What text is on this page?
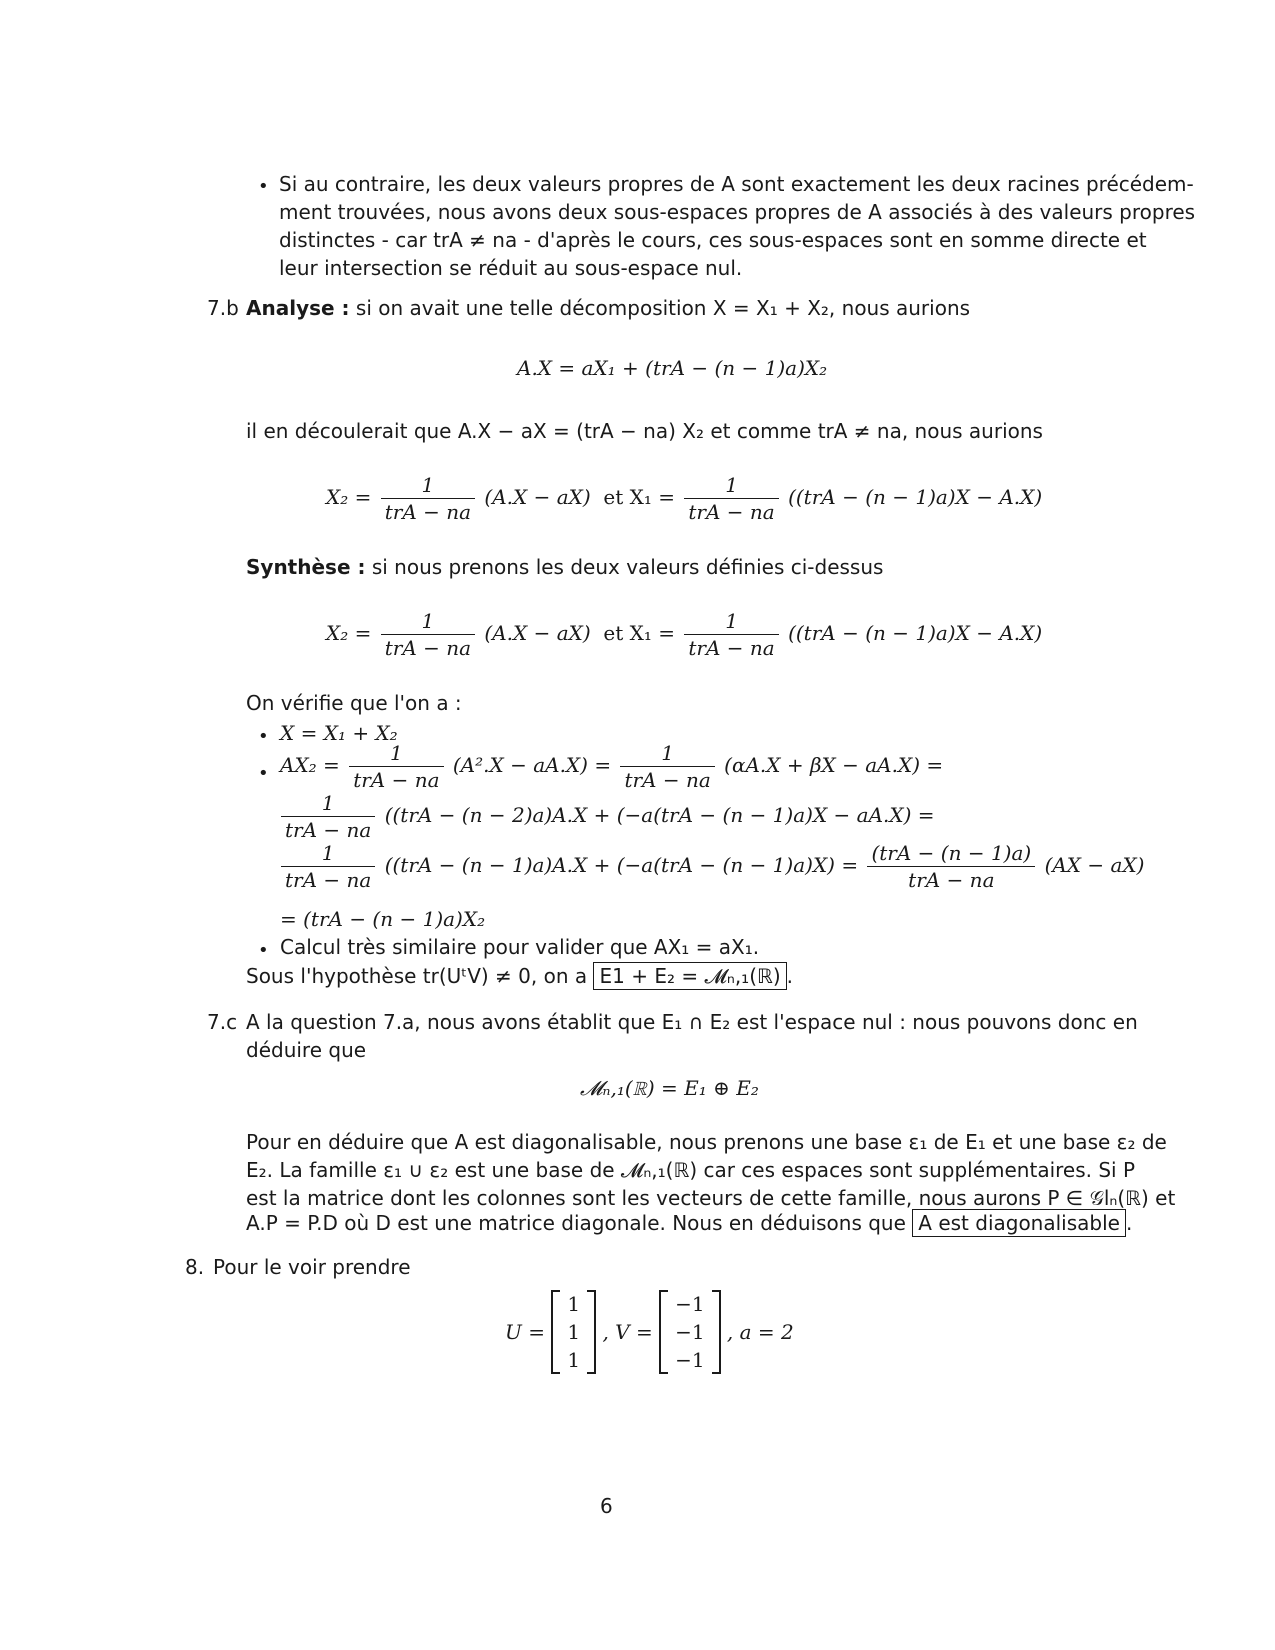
• Si au contraire, les deux valeurs propres de A sont exactement les deux racines précédem-
ment trouvées, nous avons deux sous-espaces propres de A associés à des valeurs propres
distinctes - car trA ≠ na - d'après le cours, ces sous-espaces sont en somme directe et
leur intersection se réduit au sous-espace nul.
7.b Analyse : si on avait une telle décomposition X = X₁ + X₂, nous aurions
A.X = aX₁ + (trA − (n − 1)a)X₂
il en découlerait que A.X − aX = (trA − na) X₂ et comme trA ≠ na, nous aurions
$X_2 = \frac{1}{\text{trA − na}} (A.X - aX)$ et $X_1 = \frac{1}{\text{trA − na}} ((trA - (n - 1)a)X - A.X)$
Synthèse : si nous prenons les deux valeurs définies ci-dessus
$X_2 = \frac{1}{\text{trA − na}} (A.X - aX)$ et $X_1 = \frac{1}{\text{trA − na}} ((trA - (n - 1)a)X - A.X)$
On vérifie que l'on a :
• X = X₁ + X₂
• $AX_2 = \frac{1}{\text{trA − na}} (A^2.X - aA.X) = \frac{1}{\text{trA − na}} (\alpha A.X + \beta X - aA.X)$ =
$\frac{1}{\text{trA − na}} ((trA - (n - 2)a)A.X + (-a(trA - (n - 1)a)X - aA.X)$ =
$\frac{1}{\text{trA − na}} ((trA - (n - 1)a)A.X + (-a(trA - (n - 1)a)X) = \frac{\text{(trA − (n − 1)a)}}{\text{trA − na}} (AX - aX)$
= (trA − (n − 1)a)X₂
• Calcul très similaire pour valider que AX₁ = aX₁.
Sous l'hypothèse tr(UᵗV) ≠ 0, on a E1 + E₂ = 𝓜ₙ,₁(ℝ) .
7.c A la question 7.a, nous avons établit que E₁ ∩ E₂ est l'espace nul : nous pouvons donc en
déduire que
𝓜ₙ,₁(ℝ) = E₁ ⊕ E₂
Pour en déduire que A est diagonalisable, nous prenons une base ε₁ de E₁ et une base ε₂ de
E₂. La famille ε₁ ∪ ε₂ est une base de 𝓜ₙ,₁(ℝ) car ces espaces sont supplémentaires. Si P
est la matrice dont les colonnes sont les vecteurs de cette famille, nous aurons P ∈ 𝒢lₙ(ℝ) et
A.P = P.D où D est une matrice diagonale. Nous en déduisons que A est diagonalisable .
8. Pour le voir prendre
U =
1
1
1
, V =
−1
−1
−1
, a = 2
6
